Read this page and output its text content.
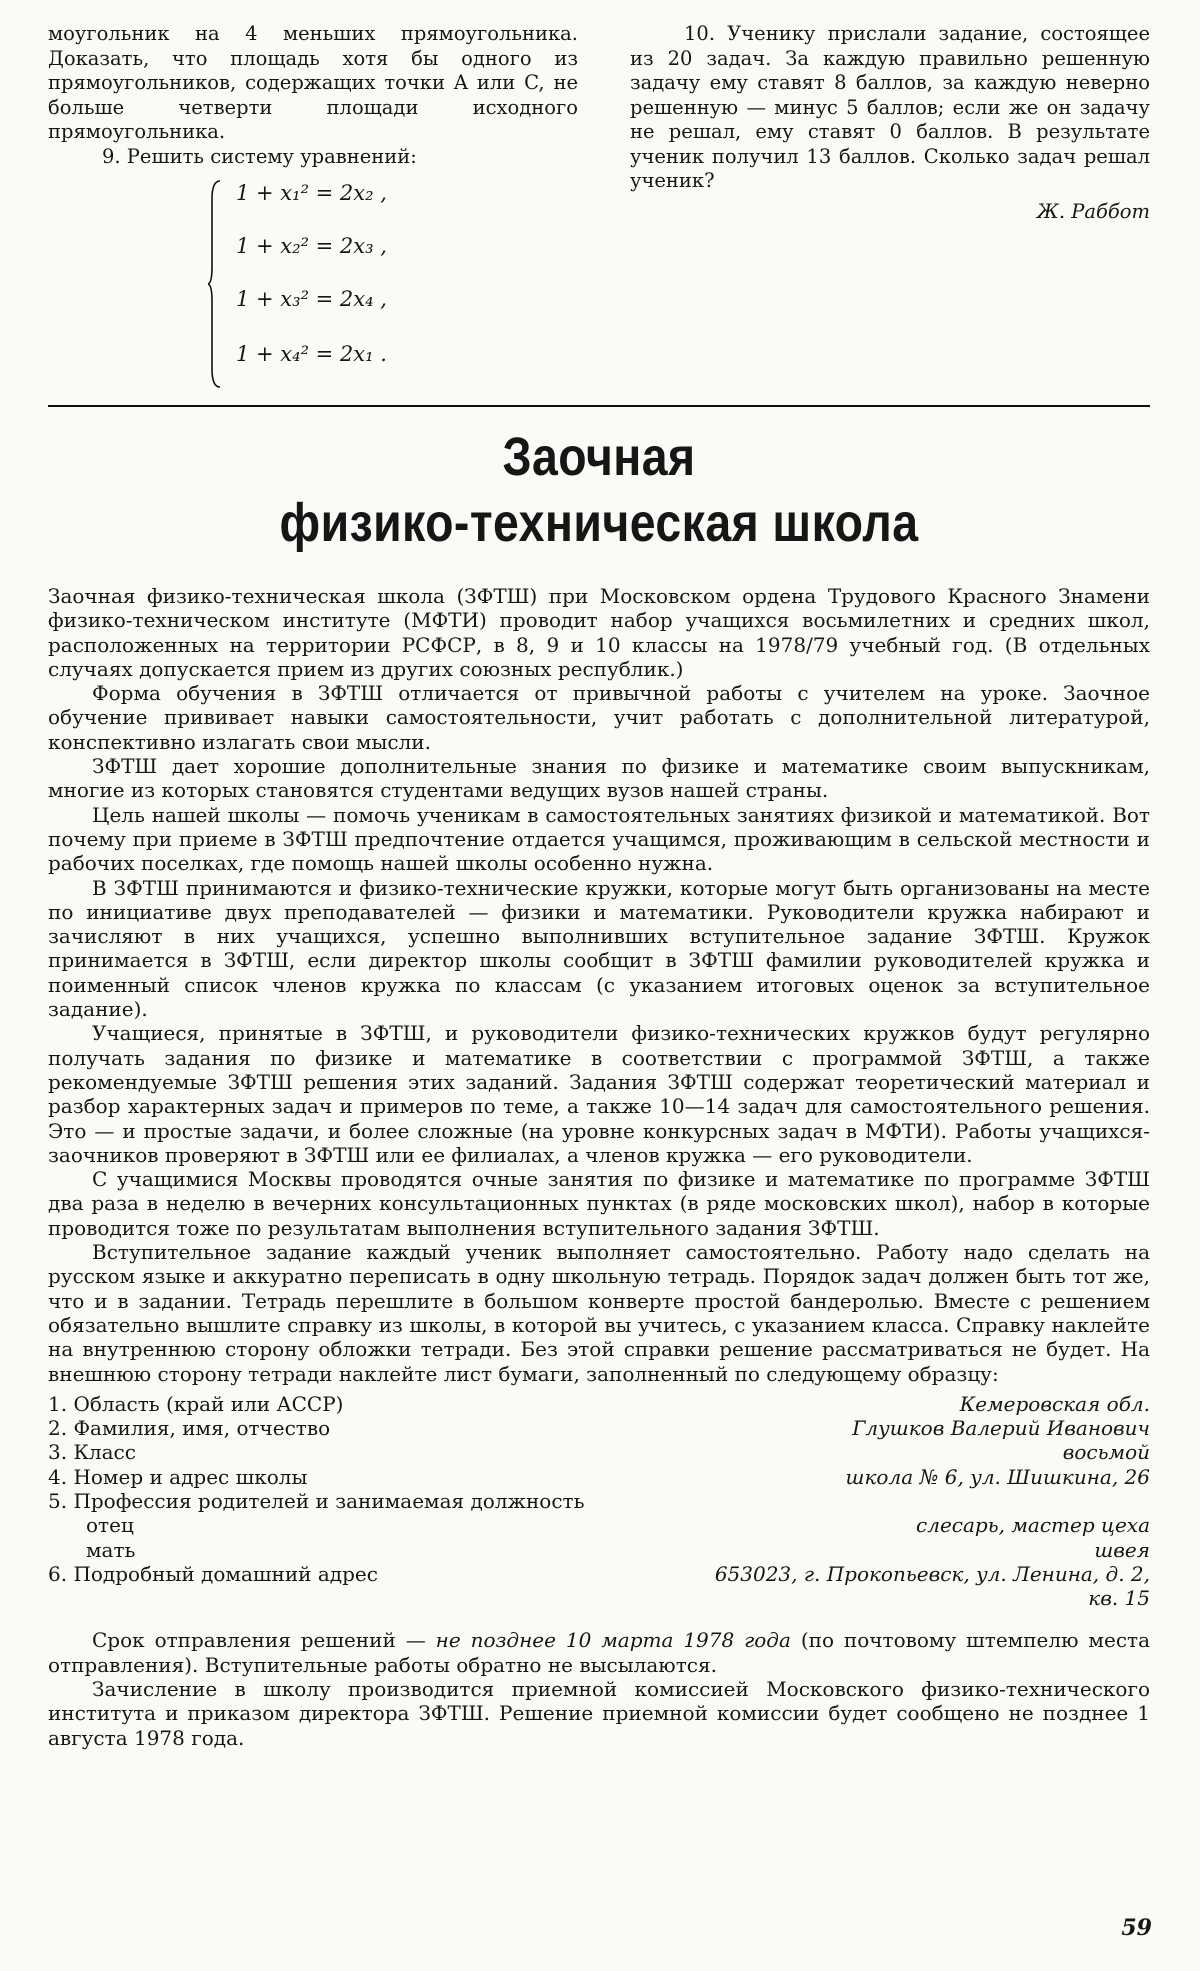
моугольник на 4 меньших прямоугольника. Доказать, что площадь хотя бы одного из прямоугольников, содержащих точки A или C, не больше четверти площади исходного прямоугольника.

9. Решить систему уравнений:

1 + x₁² = 2x₂ ,
1 + x₂² = 2x₃ ,
1 + x₃² = 2x₄ ,
1 + x₄² = 2x₁ .

10. Ученику прислали задание, состоящее из 20 задач. За каждую правильно решенную задачу ему ставят 8 баллов, за каждую неверно решенную — минус 5 баллов; если же он задачу не решал, ему ставят 0 баллов. В результате ученик получил 13 баллов. Сколько задач решал ученик?

Ж. Раббот

Заочная
физико-техническая школа

Заочная физико-техническая школа (ЗФТШ) при Московском ордена Трудового Красного Знамени физико-техническом институте (МФТИ) проводит набор учащихся восьмилетних и средних школ, расположенных на территории РСФСР, в 8, 9 и 10 классы на 1978/79 учебный год. (В отдельных случаях допускается прием из других союзных республик.)

Форма обучения в ЗФТШ отличается от привычной работы с учителем на уроке. Заочное обучение прививает навыки самостоятельности, учит работать с дополнительной литературой, конспективно излагать свои мысли.

ЗФТШ дает хорошие дополнительные знания по физике и математике своим выпускникам, многие из которых становятся студентами ведущих вузов нашей страны.

Цель нашей школы — помочь ученикам в самостоятельных занятиях физикой и математикой. Вот почему при приеме в ЗФТШ предпочтение отдается учащимся, проживающим в сельской местности и рабочих поселках, где помощь нашей школы особенно нужна.

В ЗФТШ принимаются и физико-технические кружки, которые могут быть организованы на месте по инициативе двух преподавателей — физики и математики. Руководители кружка набирают и зачисляют в них учащихся, успешно выполнивших вступительное задание ЗФТШ. Кружок принимается в ЗФТШ, если директор школы сообщит в ЗФТШ фамилии руководителей кружка и поименный список членов кружка по классам (с указанием итоговых оценок за вступительное задание).

Учащиеся, принятые в ЗФТШ, и руководители физико-технических кружков будут регулярно получать задания по физике и математике в соответствии с программой ЗФТШ, а также рекомендуемые ЗФТШ решения этих заданий. Задания ЗФТШ содержат теоретический материал и разбор характерных задач и примеров по теме, а также 10—14 задач для самостоятельного решения. Это — и простые задачи, и более сложные (на уровне конкурсных задач в МФТИ). Работы учащихся-заочников проверяют в ЗФТШ или ее филиалах, а членов кружка — его руководители.

С учащимися Москвы проводятся очные занятия по физике и математике по программе ЗФТШ два раза в неделю в вечерних консультационных пунктах (в ряде московских школ), набор в которые проводится тоже по результатам выполнения вступительного задания ЗФТШ.

Вступительное задание каждый ученик выполняет самостоятельно. Работу надо сделать на русском языке и аккуратно переписать в одну школьную тетрадь. Порядок задач должен быть тот же, что и в задании. Тетрадь перешлите в большом конверте простой бандеролью. Вместе с решением обязательно вышлите справку из школы, в которой вы учитесь, с указанием класса. Справку наклейте на внутреннюю сторону обложки тетради. Без этой справки решение рассматриваться не будет. На внешнюю сторону тетради наклейте лист бумаги, заполненный по следующему образцу:

1. Область (край или АССР)	Кемеровская обл.
2. Фамилия, имя, отчество	Глушков Валерий Иванович
3. Класс	восьмой
4. Номер и адрес школы	школа № 6, ул. Шишкина, 26
5. Профессия родителей и занимаемая должность
отец	слесарь, мастер цеха
мать	швея
6. Подробный домашний адрес	653023, г. Прокопьевск, ул. Ленина, д. 2,
кв. 15

Срок отправления решений — не позднее 10 марта 1978 года (по почтовому штемпелю места отправления). Вступительные работы обратно не высылаются.

Зачисление в школу производится приемной комиссией Московского физико-технического института и приказом директора ЗФТШ. Решение приемной комиссии будет сообщено не позднее 1 августа 1978 года.

59
